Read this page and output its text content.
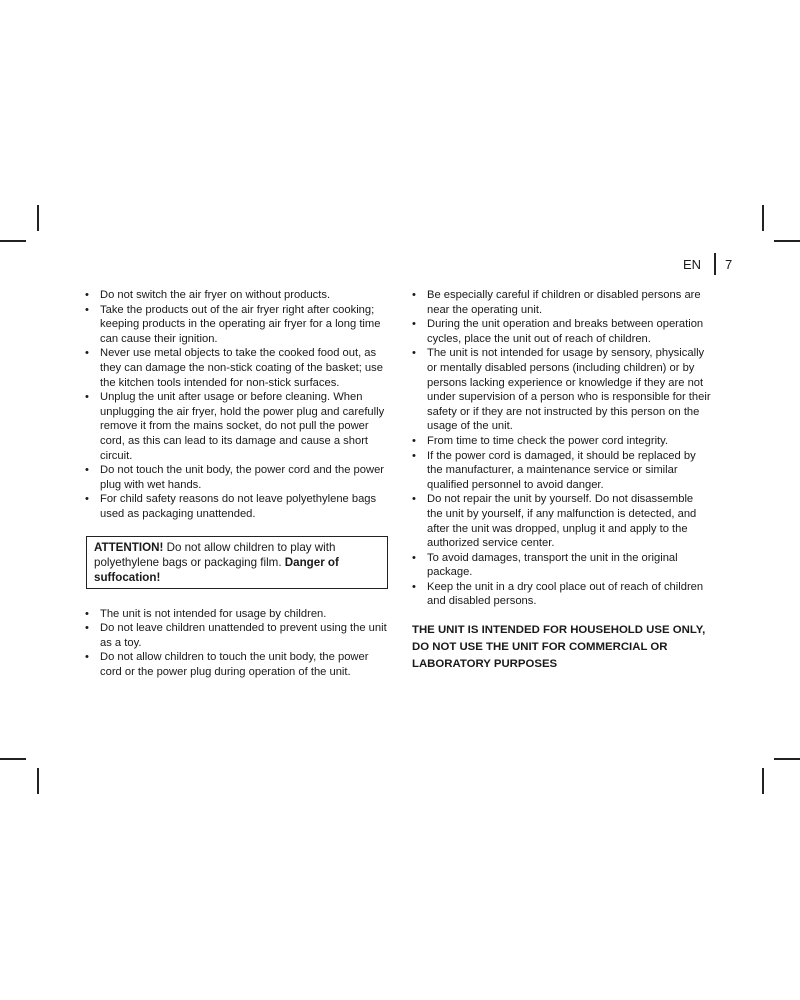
EN 7
• Do not switch the air fryer on without products.
• Take the products out of the air fryer right after cooking; keeping products in the operating air fryer for a long time can cause their ignition.
• Never use metal objects to take the cooked food out, as they can damage the non-stick coating of the basket; use the kitchen tools intended for non-stick surfaces.
• Unplug the unit after usage or before cleaning. When unplugging the air fryer, hold the power plug and carefully remove it from the mains socket, do not pull the power cord, as this can lead to its damage and cause a short circuit.
• Do not touch the unit body, the power cord and the power plug with wet hands.
• For child safety reasons do not leave polyethylene bags used as packaging unattended.
ATTENTION! Do not allow children to play with polyethylene bags or packaging film. Danger of suffocation!
• The unit is not intended for usage by children.
• Do not leave children unattended to prevent using the unit as a toy.
• Do not allow children to touch the unit body, the power cord or the power plug during operation of the unit.
• Be especially careful if children or disabled persons are near the operating unit.
• During the unit operation and breaks between operation cycles, place the unit out of reach of children.
• The unit is not intended for usage by sensory, physically or mentally disabled persons (including children) or by persons lacking experience or knowledge if they are not under supervision of a person who is responsible for their safety or if they are not instructed by this person on the usage of the unit.
• From time to time check the power cord integrity.
• If the power cord is damaged, it should be replaced by the manufacturer, a maintenance service or similar qualified personnel to avoid danger.
• Do not repair the unit by yourself. Do not disassemble the unit by yourself, if any malfunction is detected, and after the unit was dropped, unplug it and apply to the authorized service center.
• To avoid damages, transport the unit in the original package.
• Keep the unit in a dry cool place out of reach of children and disabled persons.
THE UNIT IS INTENDED FOR HOUSEHOLD USE ONLY, DO NOT USE THE UNIT FOR COMMERCIAL OR LABORATORY PURPOSES
